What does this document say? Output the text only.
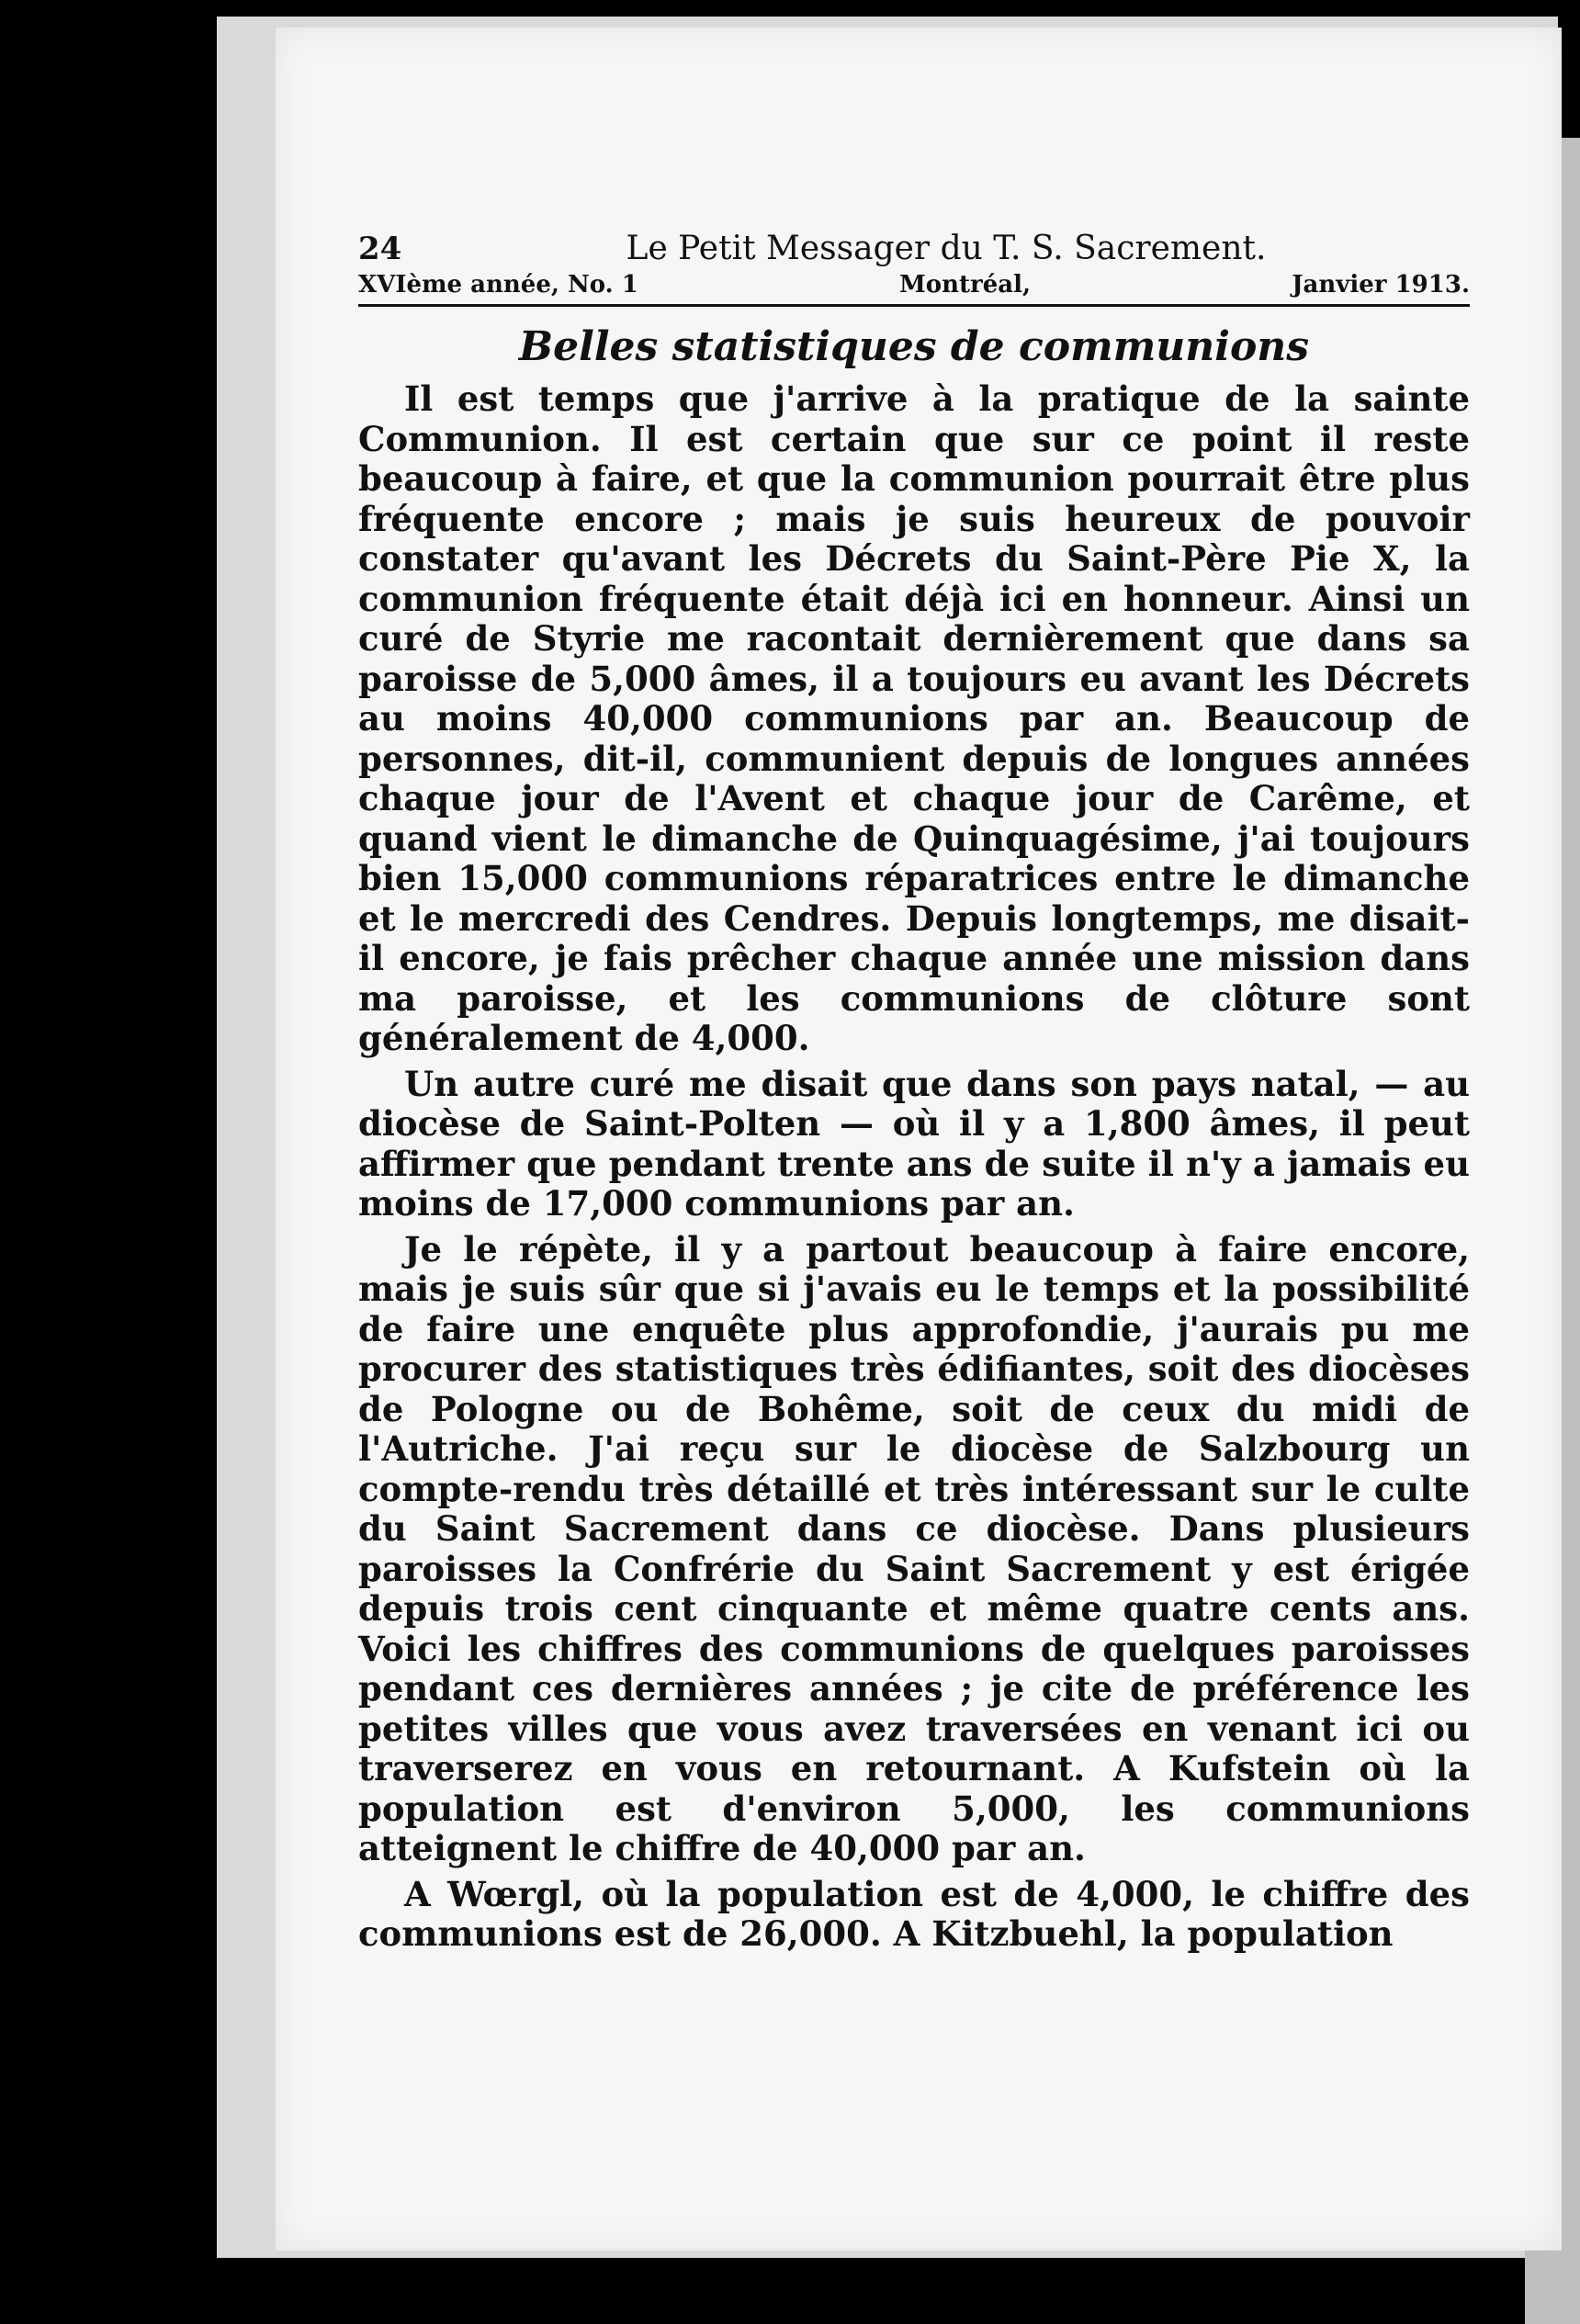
24	Le Petit Messager du T. S. Sacrement.
XVIème année, No. 1	Montréal,	Janvier 1913.
Belles statistiques de communions

Il est temps que j'arrive à la pratique de la sainte Communion. Il est certain que sur ce point il reste beaucoup à faire, et que la communion pourrait être plus fréquente encore ; mais je suis heureux de pouvoir constater qu'avant les Décrets du Saint-Père Pie X, la communion fréquente était déjà ici en honneur. Ainsi un curé de Styrie me racontait dernièrement que dans sa paroisse de 5,000 âmes, il a toujours eu avant les Décrets au moins 40,000 communions par an. Beaucoup de personnes, dit-il, communient depuis de longues années chaque jour de l'Avent et chaque jour de Carême, et quand vient le dimanche de Quinquagésime, j'ai toujours bien 15,000 communions réparatrices entre le dimanche et le mercredi des Cendres. Depuis longtemps, me disait-il encore, je fais prêcher chaque année une mission dans ma paroisse, et les communions de clôture sont généralement de 4,000.

Un autre curé me disait que dans son pays natal, — au diocèse de Saint-Polten — où il y a 1,800 âmes, il peut affirmer que pendant trente ans de suite il n'y a jamais eu moins de 17,000 communions par an.

Je le répète, il y a partout beaucoup à faire encore, mais je suis sûr que si j'avais eu le temps et la possibilité de faire une enquête plus approfondie, j'aurais pu me procurer des statistiques très édifiantes, soit des diocèses de Pologne ou de Bohême, soit de ceux du midi de l'Autriche. J'ai reçu sur le diocèse de Salzbourg un compte-rendu très détaillé et très intéressant sur le culte du Saint Sacrement dans ce diocèse. Dans plusieurs paroisses la Confrérie du Saint Sacrement y est érigée depuis trois cent cinquante et même quatre cents ans. Voici les chiffres des communions de quelques paroisses pendant ces dernières années ; je cite de préférence les petites villes que vous avez traversées en venant ici ou traverserez en vous en retournant. A Kufstein où la population est d'environ 5,000, les communions atteignent le chiffre de 40,000 par an.

A Wœrgl, où la population est de 4,000, le chiffre des communions est de 26,000. A Kitzbuehl, la population
